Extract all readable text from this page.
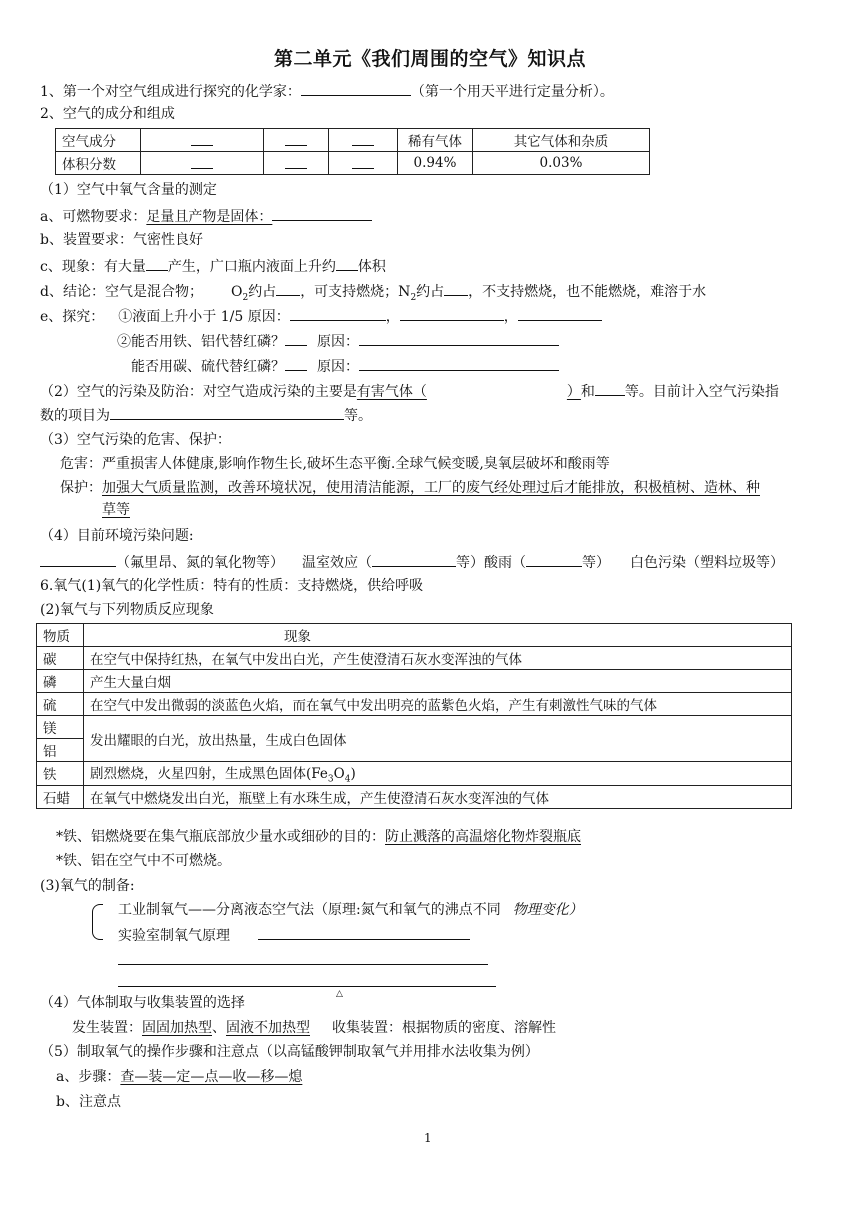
第二单元《我们周围的空气》知识点
1、第一个对空气组成进行探究的化学家：	（第一个用天平进行定量分析）。
2、空气的成分和组成
空气成分				稀有气体	其它气体和杂质
体积分数				0.94%	0.03%
（1）空气中氧气含量的测定
a、可燃物要求：足量且产物是固体：
b、装置要求：气密性良好
c、现象：有大量 产生，广口瓶内液面上升约 体积
d、结论：空气是混合物； $O_2$约占 ，可支持燃烧；$N_2$约占 ，不支持燃烧，也不能燃烧，难溶于水
e、探究： ①液面上升小于 1/5 原因：	，	，
②能否用铁、铝代替红磷？ 原因：
能否用碳、硫代替红磷？ 原因：
（2）空气的污染及防治：对空气造成污染的主要是有害气体（	）和 等。目前计入空气污染指
数的项目为	等。
（3）空气污染的危害、保护：
危害：严重损害人体健康,影响作物生长,破坏生态平衡.全球气候变暖,臭氧层破坏和酸雨等
保护：加强大气质量监测，改善环境状况，使用清洁能源，工厂的废气经处理过后才能排放，积极植树、造林、种
草等
（4）目前环境污染问题:
（氟里昂、氮的氧化物等） 温室效应（	等）酸雨（	等） 白色污染（塑料垃圾等）
6.氧气(1)氧气的化学性质：特有的性质：支持燃烧，供给呼吸
(2)氧气与下列物质反应现象
物质	现象
碳	在空气中保持红热，在氧气中发出白光，产生使澄清石灰水变浑浊的气体
磷	产生大量白烟
硫	在空气中发出微弱的淡蓝色火焰，而在氧气中发出明亮的蓝紫色火焰，产生有刺激性气味的气体
镁	发出耀眼的白光，放出热量，生成白色固体
铝	
铁	剧烈燃烧，火星四射，生成黑色固体$(Fe_3O_4)$
石蜡	在氧气中燃烧发出白光，瓶壁上有水珠生成，产生使澄清石灰水变浑浊的气体
*铁、铝燃烧要在集气瓶底部放少量水或细砂的目的：防止溅落的高温熔化物炸裂瓶底
*铁、铝在空气中不可燃烧。
(3)氧气的制备:
工业制氧气——分离液态空气法（原理:氮气和氧气的沸点不同 物理变化）
实验室制氧气原理
（4）气体制取与收集装置的选择
△
发生装置：固固加热型、固液不加热型 收集装置：根据物质的密度、溶解性
（5）制取氧气的操作步骤和注意点（以高锰酸钾制取氧气并用排水法收集为例）
a、步骤：查—装—定—点—收—移—熄
b、注意点
1
